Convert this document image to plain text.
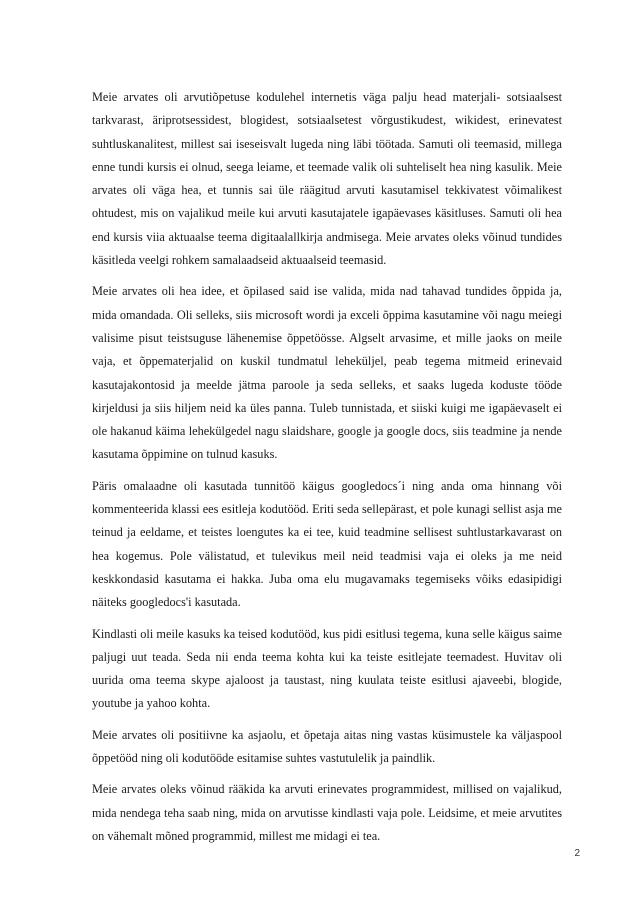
Meie arvates oli arvutiõpetuse kodulehel internetis väga palju head materjali- sotsiaalsest tarkvarast, äriprotsessidest, blogidest, sotsiaalsetest võrgustikudest, wikidest, erinevatest suhtluskanalitest, millest sai iseseisvalt lugeda ning läbi töötada. Samuti oli teemasid, millega enne tundi kursis ei olnud, seega leiame, et teemade valik oli suhteliselt hea ning kasulik. Meie arvates oli väga hea, et tunnis sai üle räägitud arvuti kasutamisel tekkivatest võimalikest ohtudest, mis on vajalikud meile kui arvuti kasutajatele igapäevases käsitluses. Samuti oli hea end kursis viia aktuaalse teema digitaalallkirja andmisega. Meie arvates oleks võinud tundides käsitleda veelgi rohkem samalaadseid aktuaalseid teemasid.

Meie arvates oli hea idee, et õpilased said ise valida, mida nad tahavad tundides õppida ja, mida omandada. Oli selleks, siis microsoft wordi ja exceli õppima kasutamine või nagu meiegi valisime pisut teistsuguse lähenemise õppetöösse. Algselt arvasime, et mille jaoks on meile vaja, et õppematerjalid on kuskil tundmatul leheküljel, peab tegema mitmeid erinevaid kasutajakontosid ja meelde jätma paroole ja seda selleks, et saaks lugeda koduste tööde kirjeldusi ja siis hiljem neid ka üles panna. Tuleb tunnistada, et siiski kuigi me igapäevaselt ei ole hakanud käima lehekülgedel nagu slaidshare, google ja google docs, siis teadmine ja nende kasutama õppimine on tulnud kasuks.

Päris omalaadne oli kasutada tunnitöö käigus googledocs´i ning anda oma hinnang või kommenteerida klassi ees esitleja kodutööd. Eriti seda sellepärast, et pole kunagi sellist asja me teinud ja eeldame, et teistes loengutes ka ei tee, kuid teadmine sellisest suhtlustarkavarast on hea kogemus. Pole välistatud, et tulevikus meil neid teadmisi vaja ei oleks ja me neid keskkondasid kasutama ei hakka. Juba oma elu mugavamaks tegemiseks võiks edasipidigi näiteks googledocs'i kasutada.

Kindlasti oli meile kasuks ka teised kodutööd, kus pidi esitlusi tegema, kuna selle käigus saime paljugi uut teada. Seda nii enda teema kohta kui ka teiste esitlejate teemadest. Huvitav oli uurida oma teema skype ajaloost ja taustast, ning kuulata teiste esitlusi ajaveebi, blogide, youtube ja yahoo kohta.

Meie arvates oli positiivne ka asjaolu, et õpetaja aitas ning vastas küsimustele ka väljaspool õppetööd ning oli kodutööde esitamise suhtes vastutulelik ja paindlik.

Meie arvates oleks võinud rääkida ka arvuti erinevates programmidest, millised on vajalikud, mida nendega teha saab ning, mida on arvutisse kindlasti vaja pole. Leidsime, et meie arvutites on vähemalt mõned programmid, millest me midagi ei tea.

2
